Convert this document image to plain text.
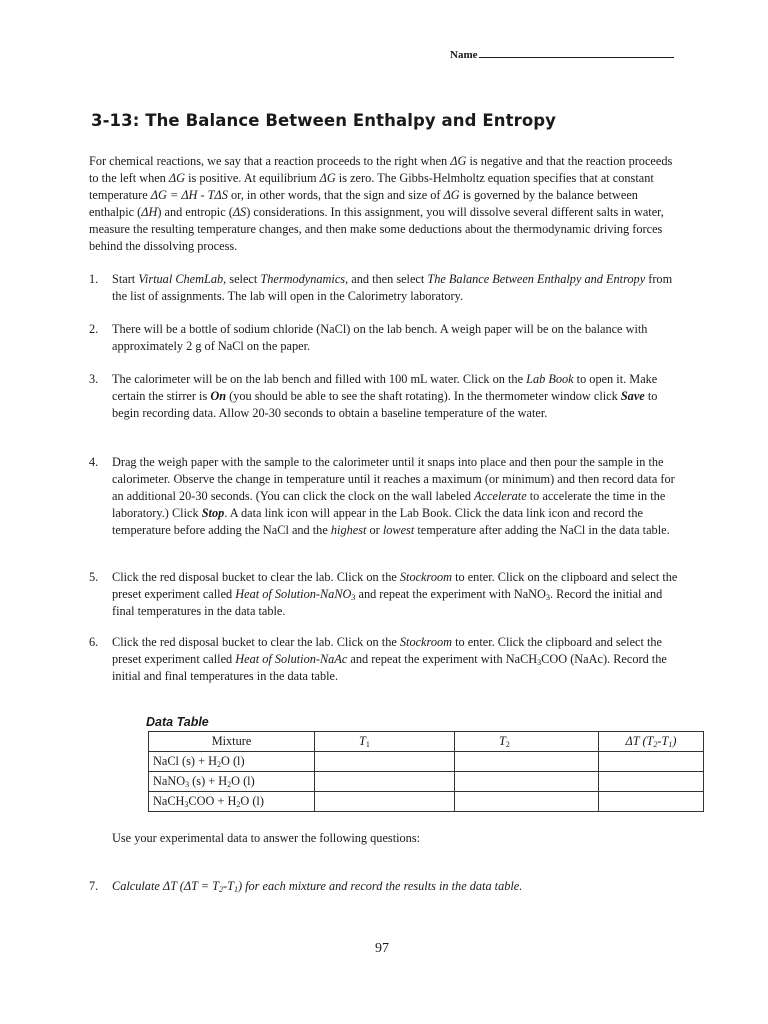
Name
3-13: The Balance Between Enthalpy and Entropy
For chemical reactions, we say that a reaction proceeds to the right when ΔG is negative and that the reaction proceeds to the left when ΔG is positive. At equilibrium ΔG is zero. The Gibbs-Helmholtz equation specifies that at constant temperature ΔG = ΔH - TΔS or, in other words, that the sign and size of ΔG is governed by the balance between enthalpic (ΔH) and entropic (ΔS) considerations. In this assignment, you will dissolve several different salts in water, measure the resulting temperature changes, and then make some deductions about the thermodynamic driving forces behind the dissolving process.
1.	Start Virtual ChemLab, select Thermodynamics, and then select The Balance Between Enthalpy and Entropy from the list of assignments. The lab will open in the Calorimetry laboratory.
2.	There will be a bottle of sodium chloride (NaCl) on the lab bench. A weigh paper will be on the balance with approximately 2 g of NaCl on the paper.
3.	The calorimeter will be on the lab bench and filled with 100 mL water. Click on the Lab Book to open it. Make certain the stirrer is On (you should be able to see the shaft rotating). In the thermometer window click Save to begin recording data. Allow 20-30 seconds to obtain a baseline temperature of the water.
4.	Drag the weigh paper with the sample to the calorimeter until it snaps into place and then pour the sample in the calorimeter. Observe the change in temperature until it reaches a maximum (or minimum) and then record data for an additional 20-30 seconds. (You can click the clock on the wall labeled Accelerate to accelerate the time in the laboratory.) Click Stop. A data link icon will appear in the Lab Book. Click the data link icon and record the temperature before adding the NaCl and the highest or lowest temperature after adding the NaCl in the data table.
5.	Click the red disposal bucket to clear the lab. Click on the Stockroom to enter. Click on the clipboard and select the preset experiment called Heat of Solution-NaNO$_3$ and repeat the experiment with NaNO$_3$. Record the initial and final temperatures in the data table.
6.	Click the red disposal bucket to clear the lab. Click on the Stockroom to enter. Click the clipboard and select the preset experiment called Heat of Solution-NaAc and repeat the experiment with NaCH$_3$COO (NaAc). Record the initial and final temperatures in the data table.
Data Table
Mixture	$T_1$	$T_2$	ΔT $(T_2-T_1)$
NaCl $(s) + H_2O$ (l)			
NaNO$_3$ $(s) + H_2O$ (l)			
NaCH$_3$COO + $H_2O$ (l)			
Use your experimental data to answer the following questions:
7.	Calculate ΔT $(\Delta T = T_2-T_1)$ for each mixture and record the results in the data table.
97
